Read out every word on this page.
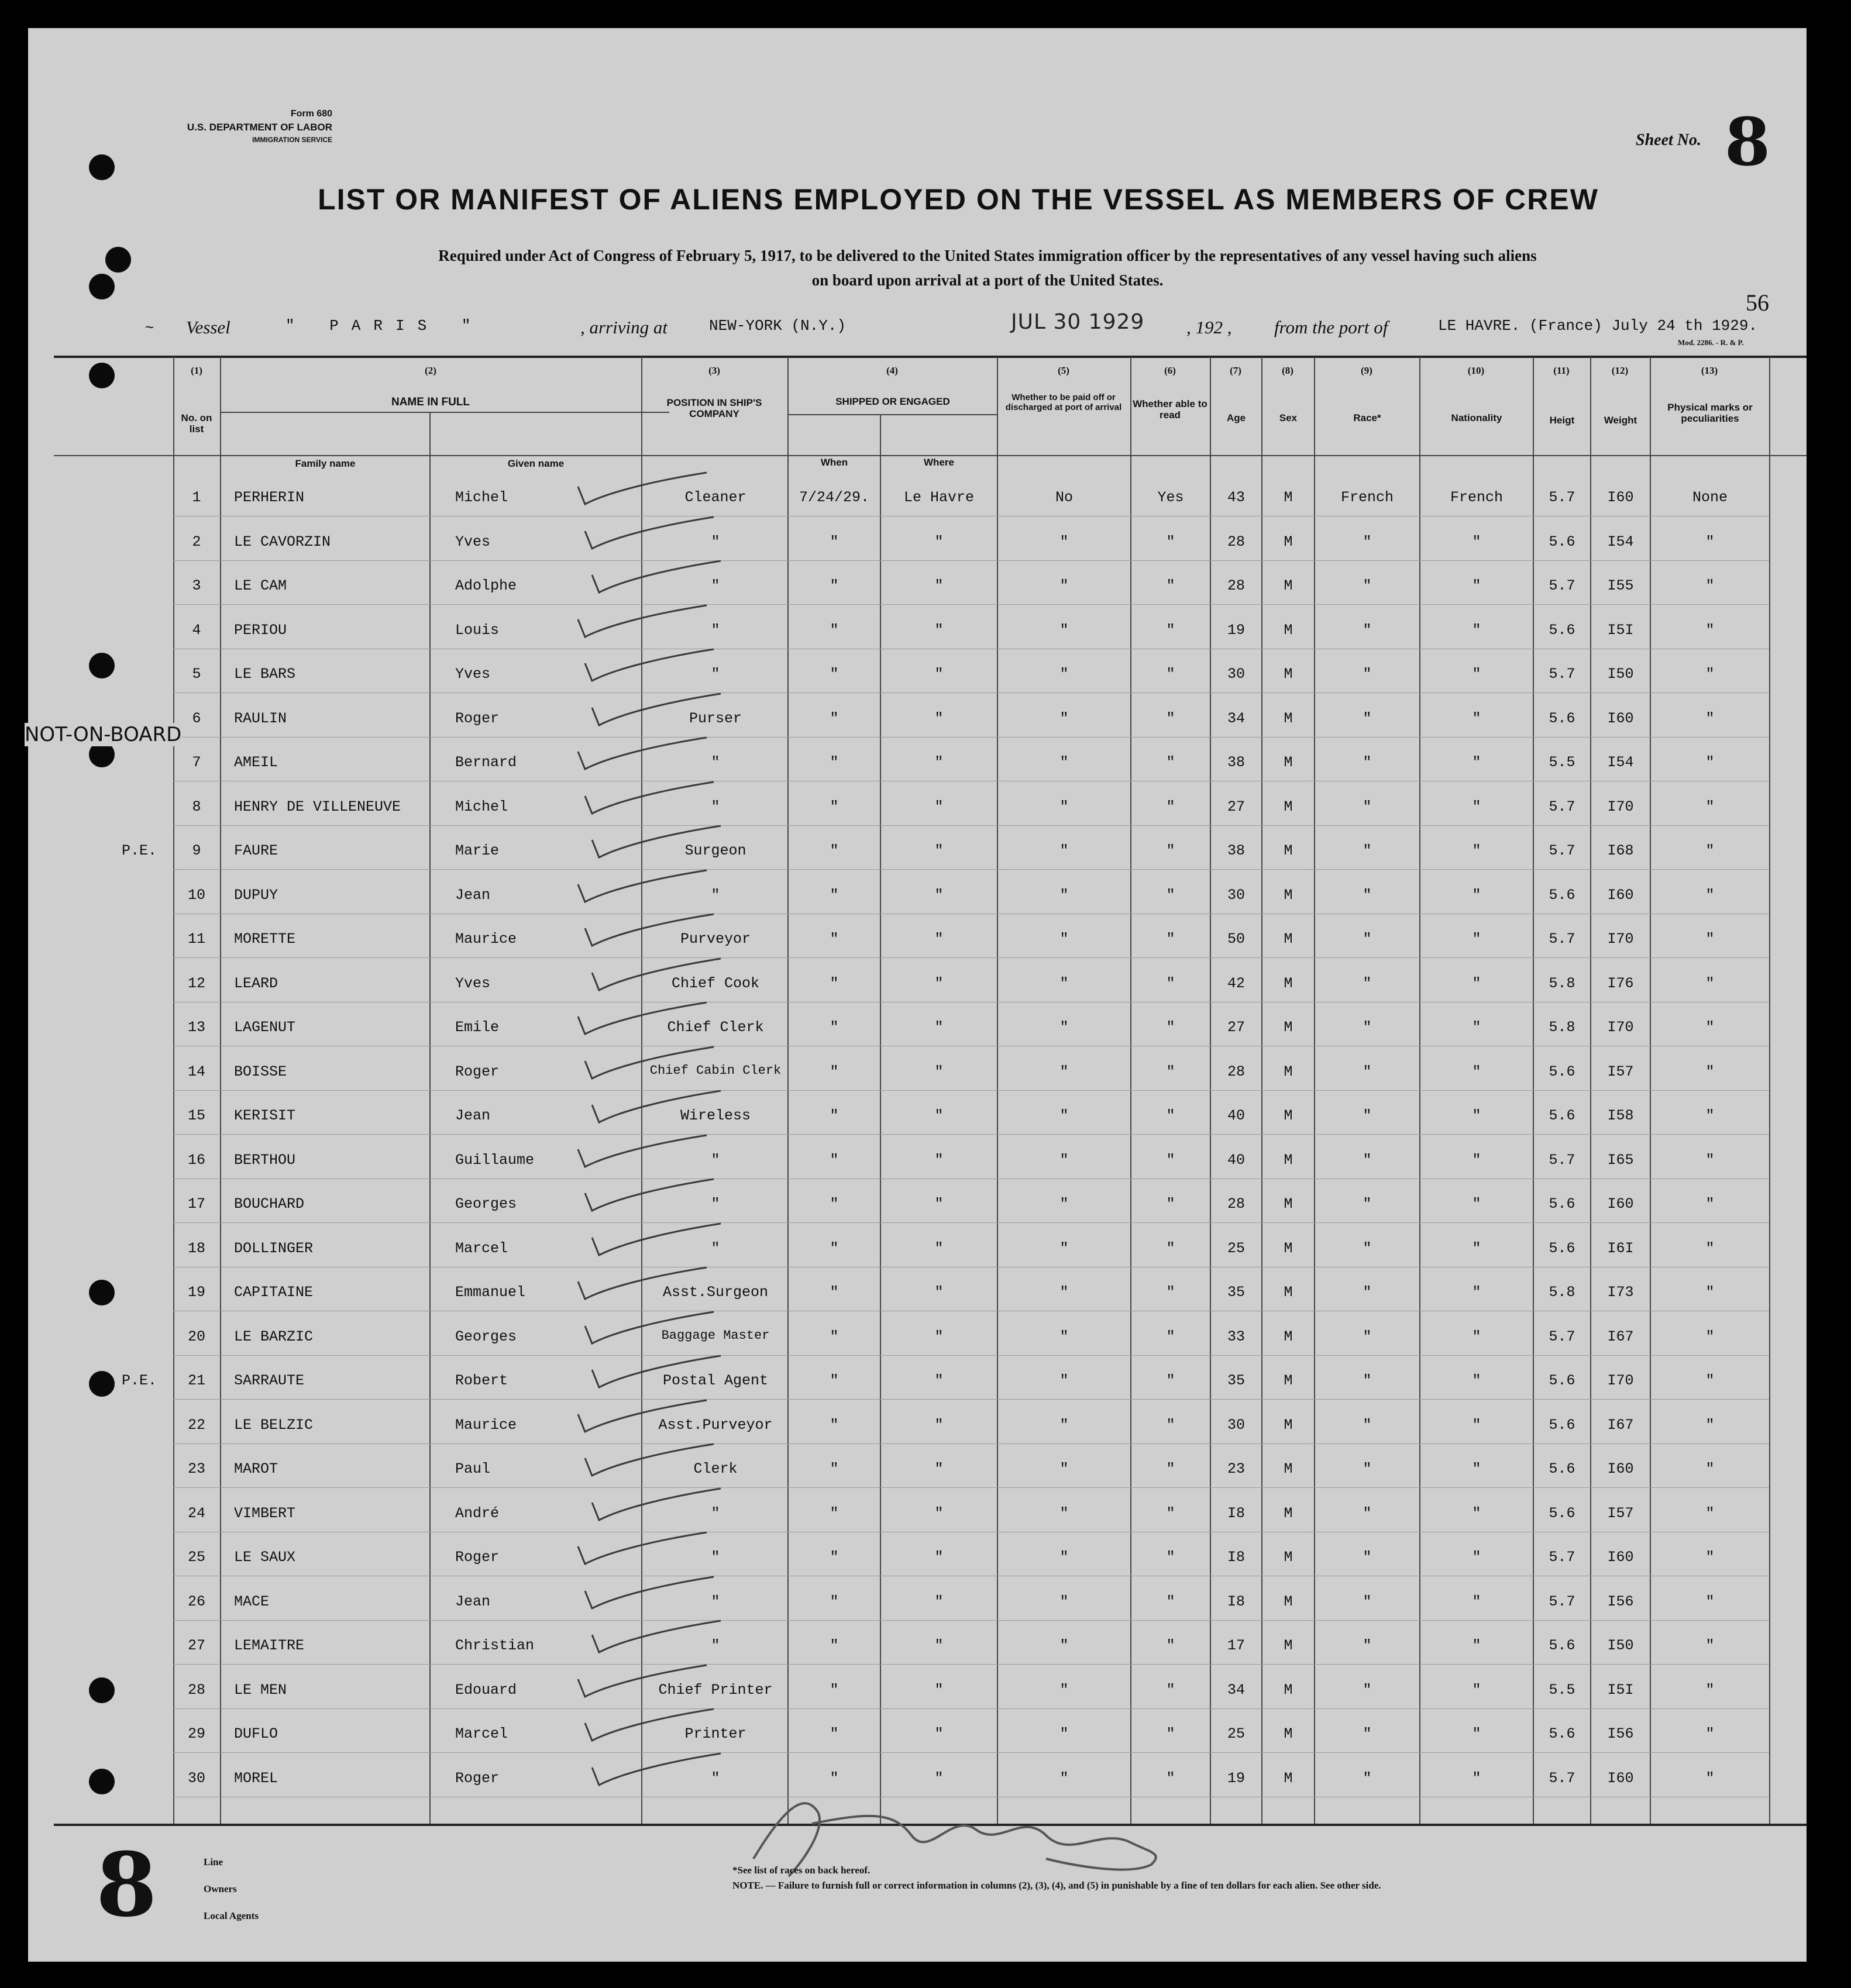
Form 680
U.S. DEPARTMENT OF LABOR
IMMIGRATION SERVICE	Sheet No. 8
LIST OR MANIFEST OF ALIENS EMPLOYED ON THE VESSEL AS MEMBERS OF CREW
Required under Act of Congress of February 5, 1917, to be delivered to the United States immigration officer by the representatives of any vessel having such aliens
on board upon arrival at a port of the United States.
56
~ Vessel	" PARIS "	, arriving at	NEW-YORK (N.Y.)	JUL 30 1929 , 192 , from the port of	LE HAVRE. (France) July 24 th 1929.
Mod. 2286. - R. & P.
(1)	(2)	(3)	(4)	(5)	(6)	(7)	(8)	(9)	(10)	(11)	(12)	(13)
No. on list
NAME IN FULL
Family name	Given name
POSITION IN SHIP'S COMPANY
SHIPPED OR ENGAGED
When	Where
Whether to be paid off or discharged at port of arrival	Whether able to read	Age	Sex	Race*	Nationality	Heigt	Weight
Physical marks or peculiarities
1	PERHERIN	Michel	Cleaner	7/24/29.	Le Havre	No	Yes	43	M	French	French	5.7	I60	None
2	LE CAVORZIN	Yves	"	"	"	"	"	28	M	"	"	5.6	I54	"
3	LE CAM	Adolphe	"	"	"	"	"	28	M	"	"	5.7	I55	"
4	PERIOU	Louis	"	"	"	"	"	19	M	"	"	5.6	I5I	"
5	LE BARS	Yves	"	"	"	"	"	30	M	"	"	5.7	I50	"
6	RAULIN	Roger	Purser	"	"	"	"	34	M	"	"	5.6	I60	"
7	AMEIL	Bernard	"	"	"	"	"	38	M	"	"	5.5	I54	"
8	HENRY DE VILLENEUVE	Michel	"	"	"	"	"	27	M	"	"	5.7	I70	"
9	FAURE	Marie	Surgeon	"	"	"	"	38	M	"	"	5.7	I68	"
P.E.
10	DUPUY	Jean	"	"	"	"	"	30	M	"	"	5.6	I60	"
11	MORETTE	Maurice	Purveyor	"	"	"	"	50	M	"	"	5.7	I70	"
12	LEARD	Yves	Chief Cook	"	"	"	"	42	M	"	"	5.8	I76	"
13	LAGENUT	Emile	Chief Clerk	"	"	"	"	27	M	"	"	5.8	I70	"
14	BOISSE	Roger	Chief Cabin Clerk	"	"	"	"	28	M	"	"	5.6	I57	"
15	KERISIT	Jean	Wireless	"	"	"	"	40	M	"	"	5.6	I58	"
16	BERTHOU	Guillaume	"	"	"	"	"	40	M	"	"	5.7	I65	"
17	BOUCHARD	Georges	"	"	"	"	"	28	M	"	"	5.6	I60	"
18	DOLLINGER	Marcel	"	"	"	"	"	25	M	"	"	5.6	I6I	"
19	CAPITAINE	Emmanuel	Asst.Surgeon	"	"	"	"	35	M	"	"	5.8	I73	"
20	LE BARZIC	Georges	Baggage Master	"	"	"	"	33	M	"	"	5.7	I67	"
21	SARRAUTE	Robert	Postal Agent	"	"	"	"	35	M	"	"	5.6	I70	"
P.E.
22	LE BELZIC	Maurice	Asst.Purveyor	"	"	"	"	30	M	"	"	5.6	I67	"
23	MAROT	Paul	Clerk	"	"	"	"	23	M	"	"	5.6	I60	"
24	VIMBERT	André	"	"	"	"	"	I8	M	"	"	5.6	I57	"
25	LE SAUX	Roger	"	"	"	"	"	I8	M	"	"	5.7	I60	"
26	MACE	Jean	"	"	"	"	"	I8	M	"	"	5.7	I56	"
27	LEMAITRE	Christian	"	"	"	"	"	17	M	"	"	5.6	I50	"
28	LE MEN	Edouard	Chief Printer	"	"	"	"	34	M	"	"	5.5	I5I	"
29	DUFLO	Marcel	Printer	"	"	"	"	25	M	"	"	5.6	I56	"
30	MOREL	Roger	"	"	"	"	"	19	M	"	"	5.7	I60	"
NOT-ON-BOARD
8	Line
Owners
Local Agents
*See list of races on back hereof.
NOTE. — Failure to furnish full or correct information in columns (2), (3), (4), and (5) in punishable by a fine of ten dollars for each alien. See other side.
